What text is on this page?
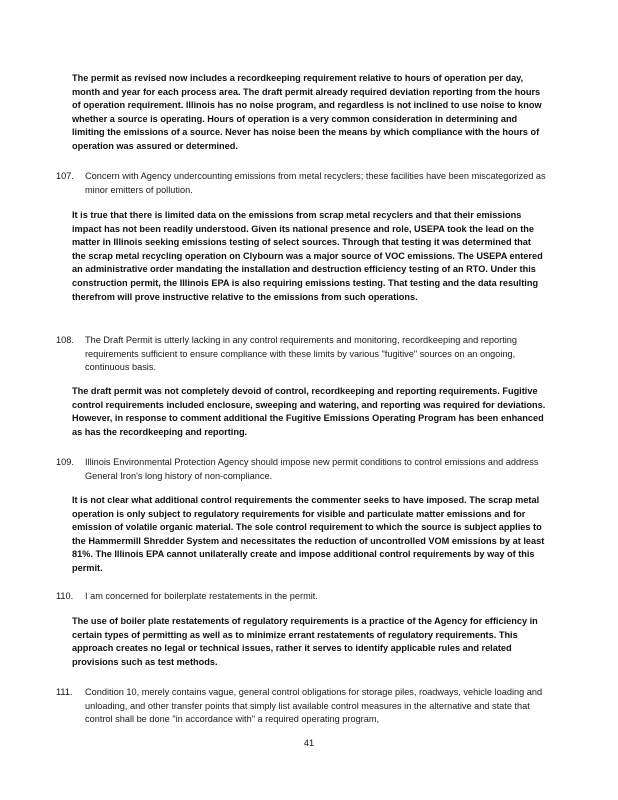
The permit as revised now includes a recordkeeping requirement relative to hours of operation per day, month and year for each process area. The draft permit already required deviation reporting from the hours of operation requirement. Illinois has no noise program, and regardless is not inclined to use noise to know whether a source is operating. Hours of operation is a very common consideration in determining and limiting the emissions of a source. Never has noise been the means by which compliance with the hours of operation was assured or determined.

107. Concern with Agency undercounting emissions from metal recyclers; these facilities have been miscategorized as minor emitters of pollution.

It is true that there is limited data on the emissions from scrap metal recyclers and that their emissions impact has not been readily understood. Given its national presence and role, USEPA took the lead on the matter in Illinois seeking emissions testing of select sources. Through that testing it was determined that the scrap metal recycling operation on Clybourn was a major source of VOC emissions. The USEPA entered an administrative order mandating the installation and destruction efficiency testing of an RTO. Under this construction permit, the Illinois EPA is also requiring emissions testing. That testing and the data resulting therefrom will prove instructive relative to the emissions from such operations.

108. The Draft Permit is utterly lacking in any control requirements and monitoring, recordkeeping and reporting requirements sufficient to ensure compliance with these limits by various "fugitive" sources on an ongoing, continuous basis.

The draft permit was not completely devoid of control, recordkeeping and reporting requirements. Fugitive control requirements included enclosure, sweeping and watering, and reporting was required for deviations. However, in response to comment additional the Fugitive Emissions Operating Program has been enhanced as has the recordkeeping and reporting.

109. Illinois Environmental Protection Agency should impose new permit conditions to control emissions and address General Iron's long history of non-compliance.

It is not clear what additional control requirements the commenter seeks to have imposed. The scrap metal operation is only subject to regulatory requirements for visible and particulate matter emissions and for emission of volatile organic material. The sole control requirement to which the source is subject applies to the Hammermill Shredder System and necessitates the reduction of uncontrolled VOM emissions by at least 81%. The Illinois EPA cannot unilaterally create and impose additional control requirements by way of this permit.

110. I am concerned for boilerplate restatements in the permit.

The use of boiler plate restatements of regulatory requirements is a practice of the Agency for efficiency in certain types of permitting as well as to minimize errant restatements of regulatory requirements. This approach creates no legal or technical issues, rather it serves to identify applicable rules and related provisions such as test methods.

111. Condition 10, merely contains vague, general control obligations for storage piles, roadways, vehicle loading and unloading, and other transfer points that simply list available control measures in the alternative and state that control shall be done "in accordance with" a required operating program,

41
